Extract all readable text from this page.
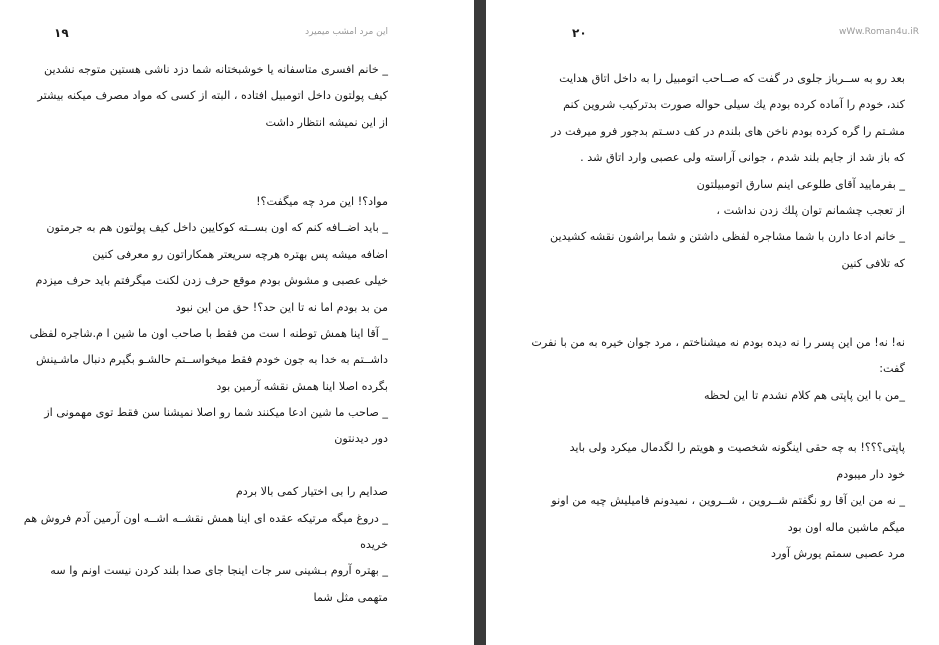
۱۹	این مرد امشب میمیرد
_ خانم افسری متاسفانه یا خوشبختانه شما دزد ناشی هستین متوجه نشدین
کیف پولتون داخل اتومبیل افتاده ، البته از کسی که مواد مصرف میکنه بیشتر
از این نمیشه انتظار داشت
مواد؟! این مرد چه میگفت؟!
_ باید اضــافه کنم که اون بســته کوکایین داخل کیف پولتون هم به جرمتون
اضافه میشه پس بهتره هرچه سریعتر همکاراتون رو معرفی کنین
خیلی عصبی و مشوش بودم موقع حرف زدن لکنت میگرفتم باید حرف میزدم
من بد بودم اما نه تا این حد؟! حق من این نبود
_ آقا اینا همش توطنه ا ست من فقط با صاحب اون ما شین ا م.شاجره لفظی
داشــتم به خدا به جون خودم فقط میخواســتم حالشـو بگیرم دنبال ماشـینش
بگرده اصلا اینا همش نقشه آرمین بود
_ صاحب ما شین ادعا میکنند شما رو اصلا نمیشنا سن فقط توی مهمونی از
دور دیدنتون
صدایم را بی اختیار کمی بالا بردم
_ دروغ میگه مرتیکه عقده ای اینا همش نقشــه اشــه اون آرمین آدم فروش هم
خریده
_ بهتره آروم بـشینی سر جات اینجا جای صدا بلند کردن نیست اونم وا سه
متهمی مثل شما
۲۰	wWw.Roman4u.iR
بعد رو به ســرباز جلوی در گفت که صــاحب اتومبیل را به داخل اتاق هدایت
کند، خودم را آماده کرده بودم یك سیلی حواله صورت بدترکیب شروین کنم
مشـتم را گره کرده بودم ناخن های بلندم در کف دسـتم بدجور فرو میرفت در
که باز شد از جایم بلند شدم ، جوانی آراسته ولی عصبی وارد اتاق شد .
_ بفرمایید آقای طلوعی اینم سارق اتومبیلتون
از تعجب چشمانم توان پلك زدن نداشت ،
_ خانم ادعا دارن با شما مشاجره لفظی داشتن و شما براشون نقشه کشیدین
که تلافی کنین
نه! نه! من این پسر را نه دیده بودم نه میشناختم ، مرد جوان خیره به من با نفرت
گفت:
_من با این پاپتی هم کلام نشدم تا این لحظه
پاپتی؟؟؟! به چه حقی اینگونه شخصیت و هویتم را لگدمال میکرد ولی باید
خود دار میبودم
_ نه من این آقا رو نگفتم شــروین ، شــروین ، نمیدونم فامیلیش چیه من اونو
میگم ماشین ماله اون بود
مرد عصبی سمتم یورش آورد
